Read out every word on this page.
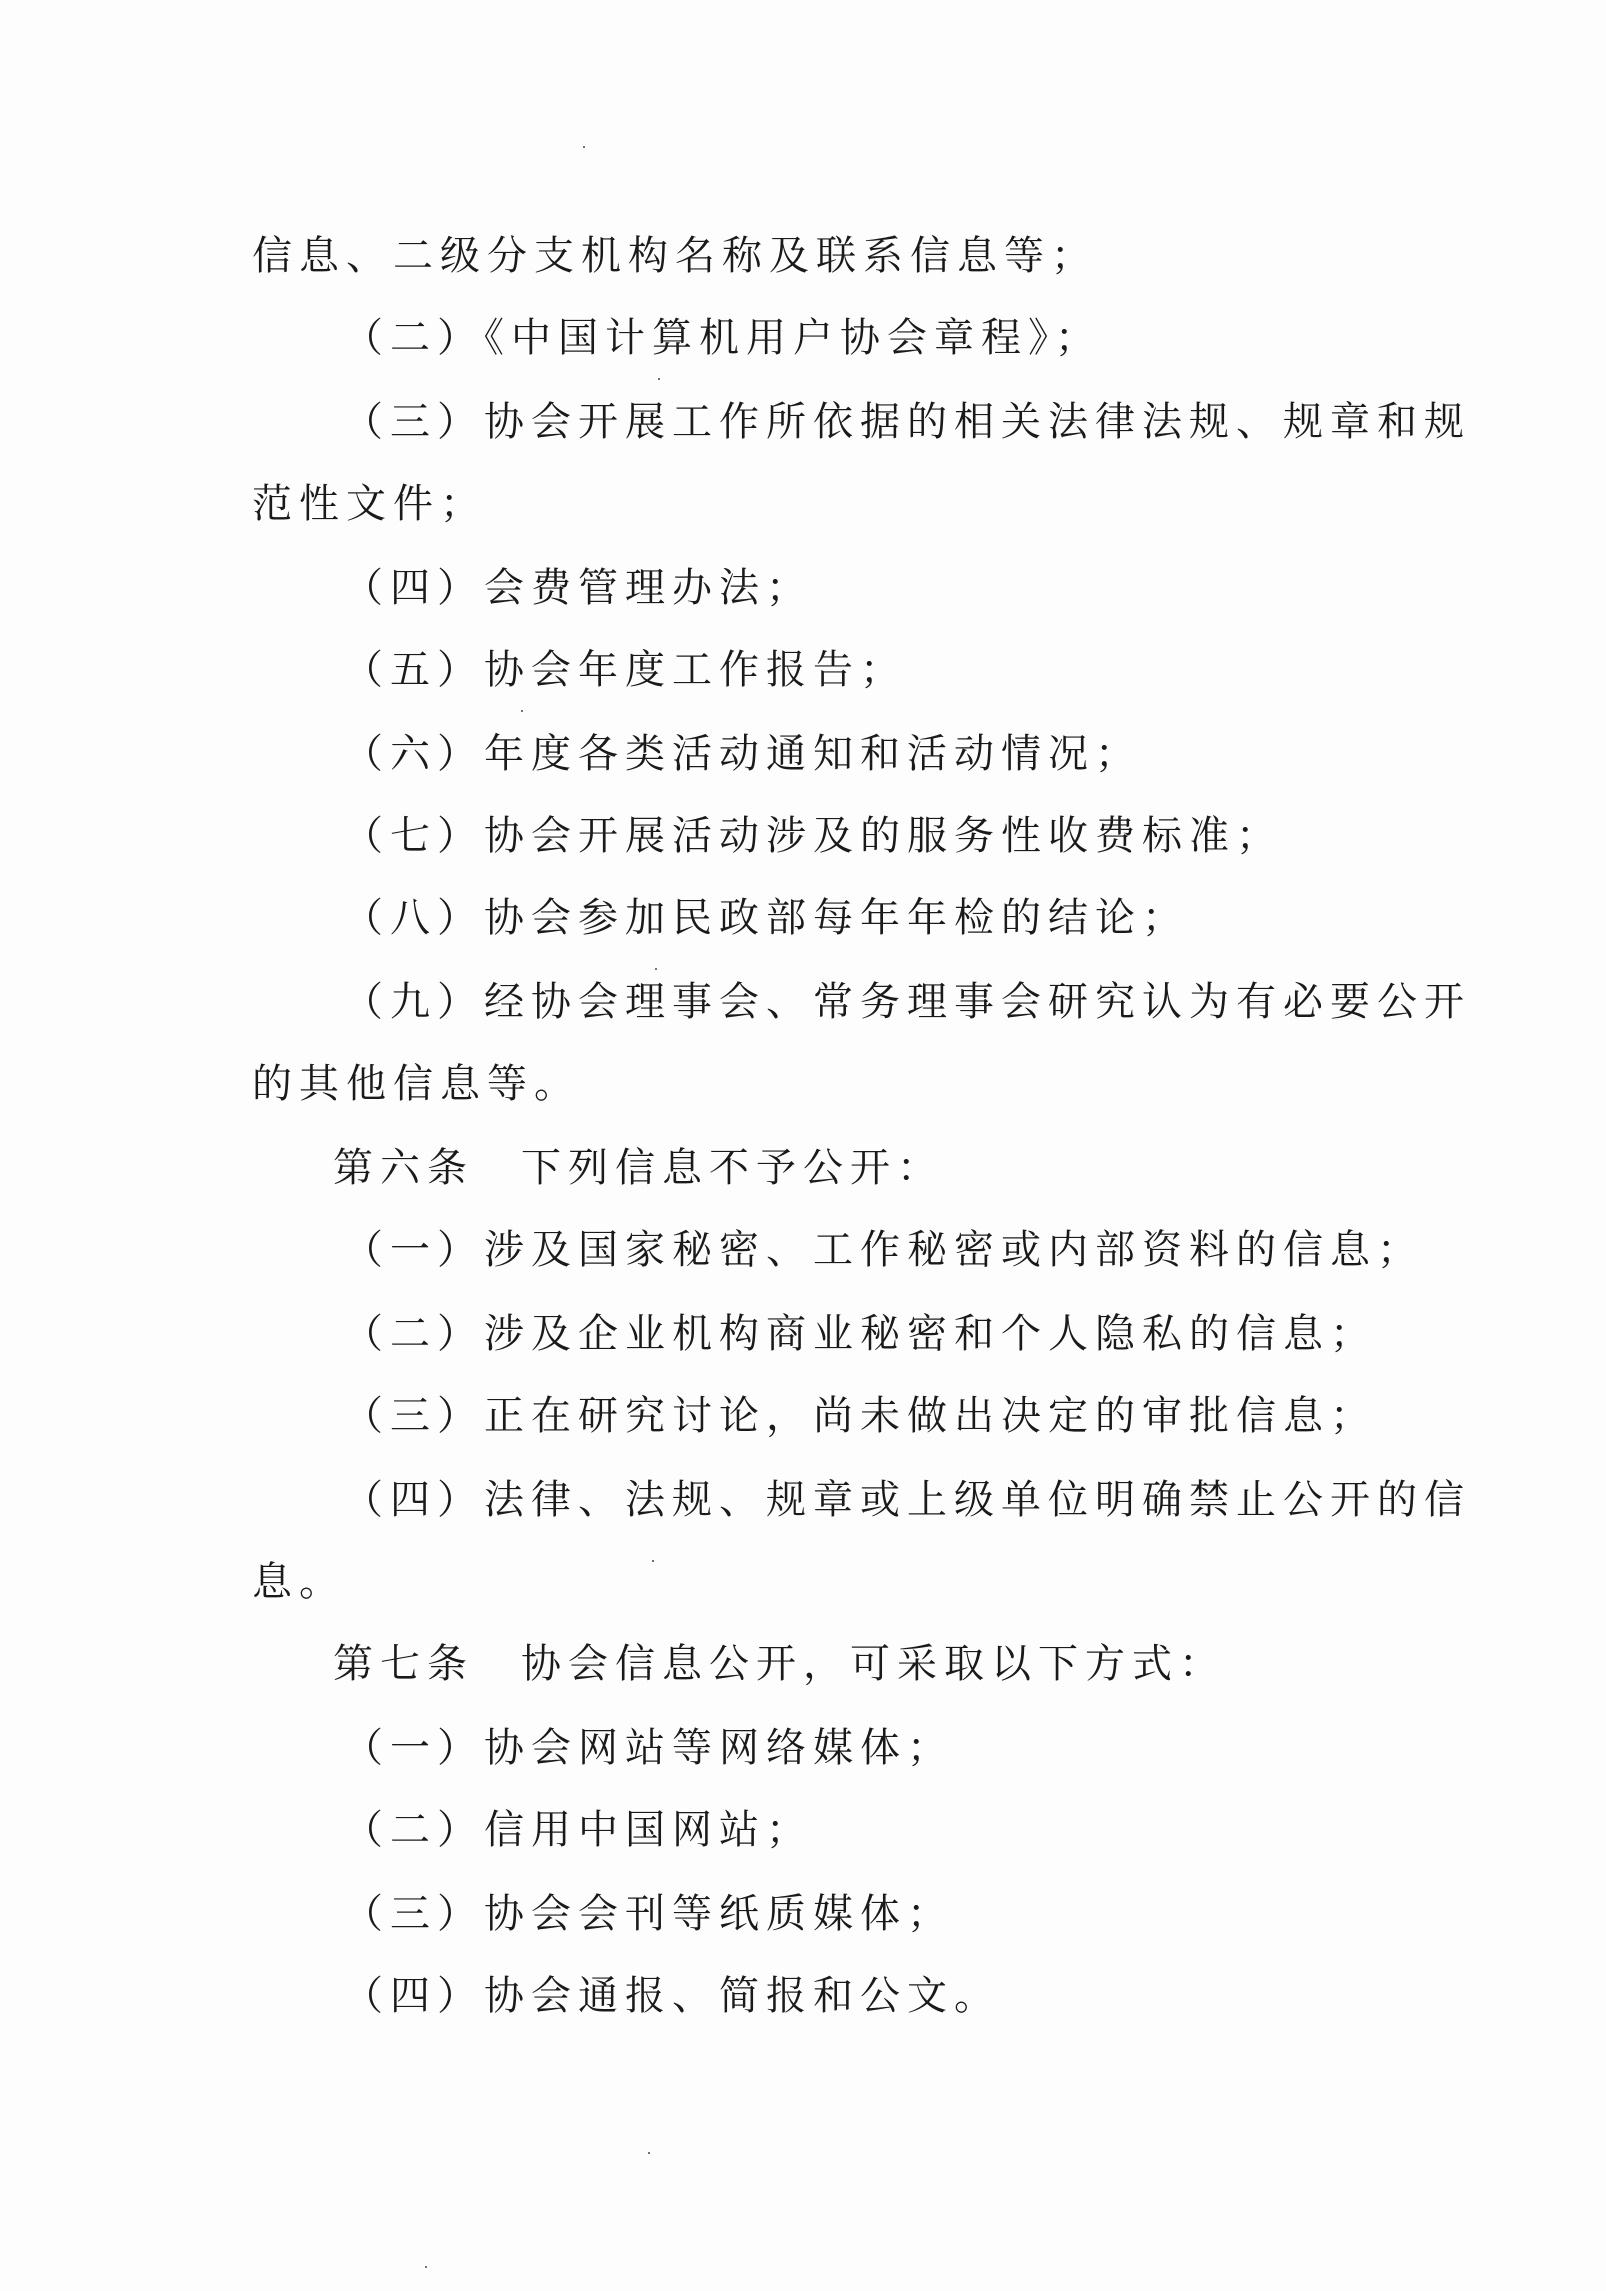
信息、二级分支机构名称及联系信息等；
（二）《中国计算机用户协会章程》；
（三）协会开展工作所依据的相关法律法规、规章和规
范性文件；
（四）会费管理办法；
（五）协会年度工作报告；
（六）年度各类活动通知和活动情况；
（七）协会开展活动涉及的服务性收费标准；
（八）协会参加民政部每年年检的结论；
（九）经协会理事会、常务理事会研究认为有必要公开
的其他信息等。
第六条　下列信息不予公开：
（一）涉及国家秘密、工作秘密或内部资料的信息；
（二）涉及企业机构商业秘密和个人隐私的信息；
（三）正在研究讨论，尚未做出决定的审批信息；
（四）法律、法规、规章或上级单位明确禁止公开的信
息。
第七条　协会信息公开，可采取以下方式：
（一）协会网站等网络媒体；
（二）信用中国网站；
（三）协会会刊等纸质媒体；
（四）协会通报、简报和公文。
